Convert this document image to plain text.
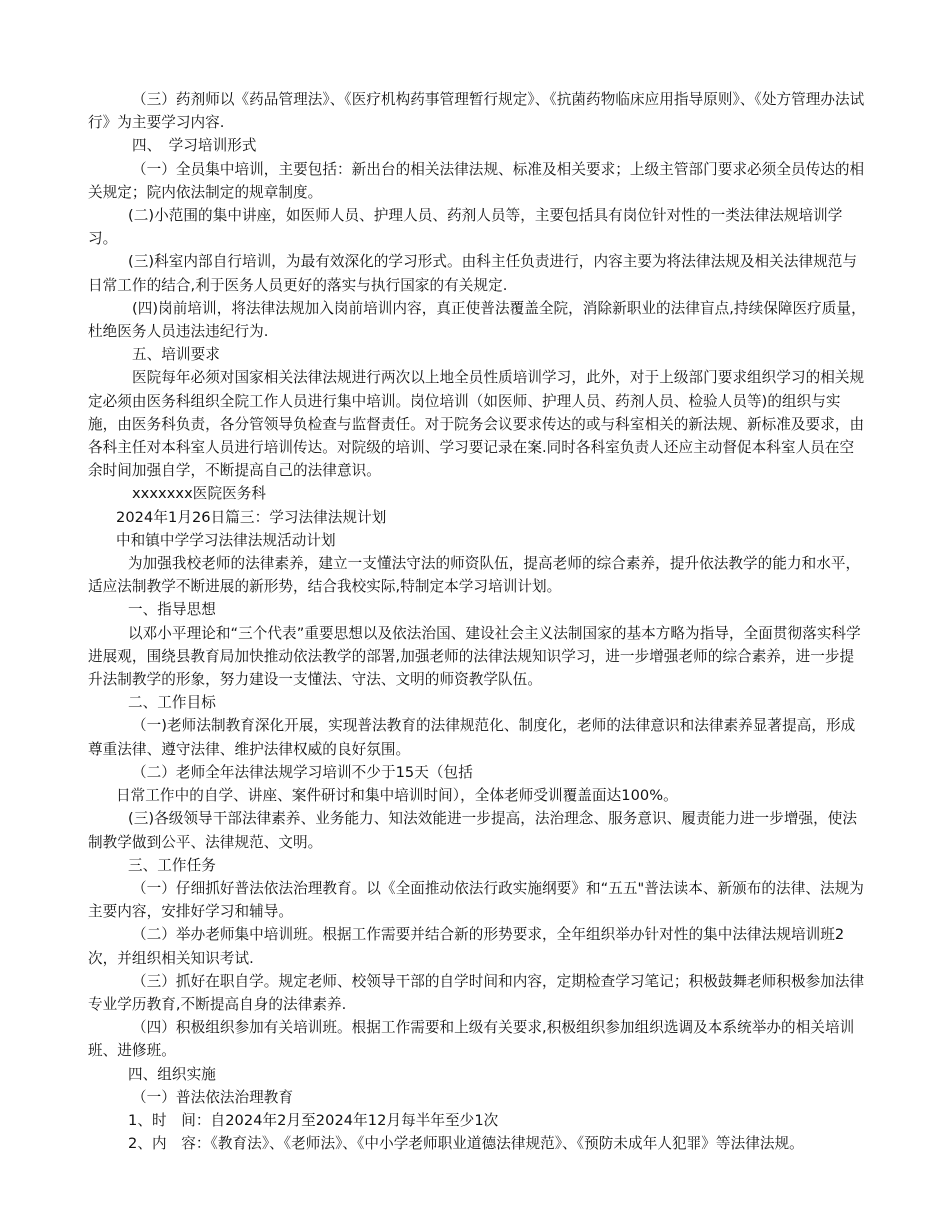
（三）药剂师以《药品管理法》、《医疗机构药事管理暂行规定》、《抗菌药物临床应用指导原则》、《处方管理办法试行》为主要学习内容.

四、　学习培训形式

（一）全员集中培训，主要包括：新出台的相关法律法规、标准及相关要求；上级主管部门要求必须全员传达的相关规定；院内依法制定的规章制度。

(二)小范围的集中讲座，如医师人员、护理人员、药剂人员等，主要包括具有岗位针对性的一类法律法规培训学习。

(三)科室内部自行培训，为最有效深化的学习形式。由科主任负责进行，内容主要为将法律法规及相关法律规范与日常工作的结合,利于医务人员更好的落实与执行国家的有关规定.

(四)岗前培训，将法律法规加入岗前培训内容，真正使普法覆盖全院，消除新职业的法律盲点,持续保障医疗质量，杜绝医务人员违法违纪行为.

五、培训要求

医院每年必须对国家相关法律法规进行两次以上地全员性质培训学习，此外，对于上级部门要求组织学习的相关规定必须由医务科组织全院工作人员进行集中培训。岗位培训（如医师、护理人员、药剂人员、检验人员等)的组织与实施，由医务科负责，各分管领导负检查与监督责任。对于院务会议要求传达的或与科室相关的新法规、新标准及要求，由各科主任对本科室人员进行培训传达。对院级的培训、学习要记录在案.同时各科室负责人还应主动督促本科室人员在空余时间加强自学，不断提高自己的法律意识。

xxxxxxx医院医务科

2024年1月26日篇三：学习法律法规计划

中和镇中学学习法律法规活动计划

为加强我校老师的法律素养，建立一支懂法守法的师资队伍，提高老师的综合素养，提升依法教学的能力和水平，适应法制教学不断进展的新形势，结合我校实际,特制定本学习培训计划。

一、指导思想

以邓小平理论和“三个代表”重要思想以及依法治国、建设社会主义法制国家的基本方略为指导，全面贯彻落实科学进展观，围绕县教育局加快推动依法教学的部署,加强老师的法律法规知识学习，进一步增强老师的综合素养，进一步提升法制教学的形象，努力建设一支懂法、守法、文明的师资教学队伍。

二、工作目标

（一)老师法制教育深化开展，实现普法教育的法律规范化、制度化，老师的法律意识和法律素养显著提高，形成尊重法律、遵守法律、维护法律权威的良好氛围。

（二）老师全年法律法规学习培训不少于15天（包括

日常工作中的自学、讲座、案件研讨和集中培训时间），全体老师受训覆盖面达100%。

(三)各级领导干部法律素养、业务能力、知法效能进一步提高，法治理念、服务意识、履责能力进一步增强，使法制教学做到公平、法律规范、文明。

三、工作任务

（一）仔细抓好普法依法治理教育。以《全面推动依法行政实施纲要》和“五五"普法读本、新颁布的法律、法规为主要内容，安排好学习和辅导。

（二）举办老师集中培训班。根据工作需要并结合新的形势要求，全年组织举办针对性的集中法律法规培训班2次，并组织相关知识考试.

（三）抓好在职自学。规定老师、校领导干部的自学时间和内容，定期检查学习笔记；积极鼓舞老师积极参加法律专业学历教育,不断提高自身的法律素养.

（四）积极组织参加有关培训班。根据工作需要和上级有关要求,积极组织参加组织选调及本系统举办的相关培训班、进修班。

四、组织实施

（一）普法依法治理教育

1、时　间：自2024年2月至2024年12月每半年至少1次

2、内　容：《教育法》、《老师法》、《中小学老师职业道德法律规范》、《预防未成年人犯罪》等法律法规。
